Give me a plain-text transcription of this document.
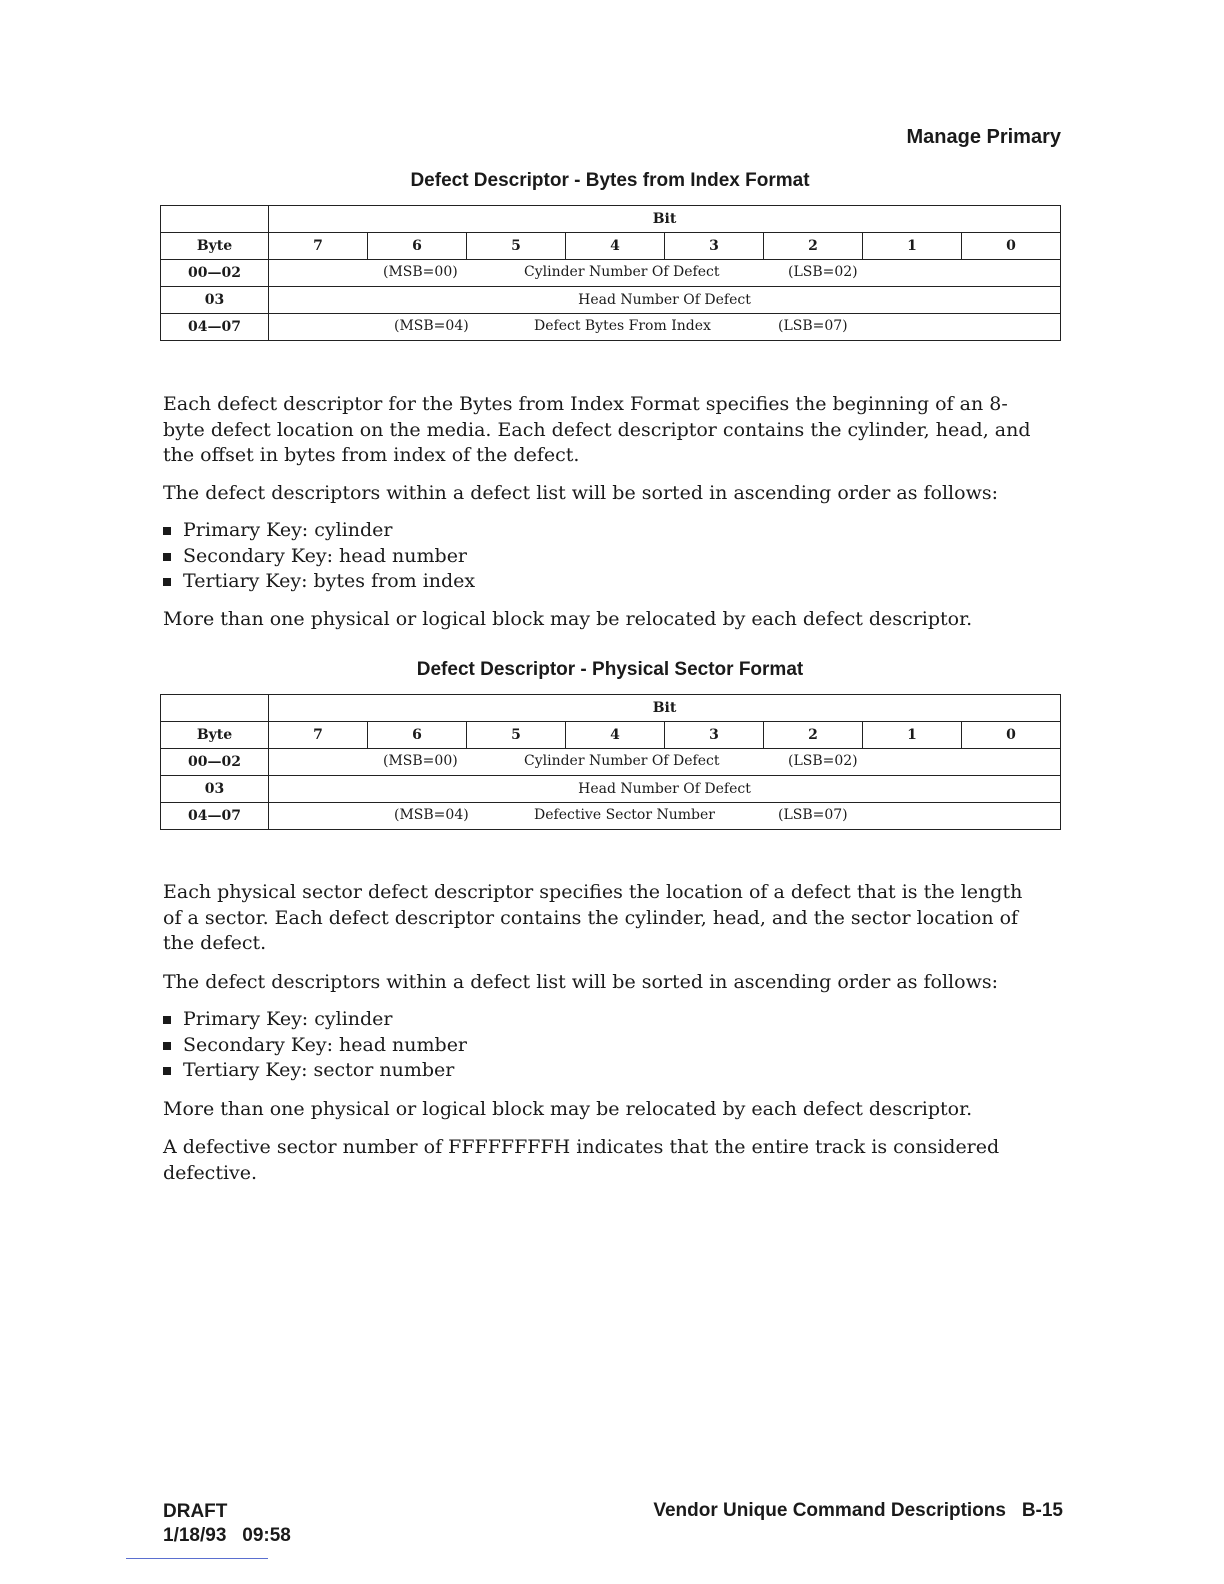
Manage Primary
Defect Descriptor - Bytes from Index Format
	Bit							
Byte	7	6	5	4	3	2	1	0
00—02	(MSB=00) Cylinder Number Of Defect (LSB=02)							

03	Head Number Of Defect							
04—07	(MSB=04) Defect Bytes From Index (LSB=07)							

Each defect descriptor for the Bytes from Index Format specifies the beginning of an 8-byte defect location on the media. Each defect descriptor contains the cylinder, head, and the offset in bytes from index of the defect.

The defect descriptors within a defect list will be sorted in ascending order as follows:

Primary Key: cylinder
Secondary Key: head number
Tertiary Key: bytes from index

More than one physical or logical block may be relocated by each defect descriptor.

Defect Descriptor - Physical Sector Format
	Bit							
Byte	7	6	5	4	3	2	1	0
00—02	(MSB=00) Cylinder Number Of Defect (LSB=02)							

03	Head Number Of Defect							
04—07	(MSB=04) Defective Sector Number (LSB=07)							

Each physical sector defect descriptor specifies the location of a defect that is the length of a sector. Each defect descriptor contains the cylinder, head, and the sector location of the defect.

The defect descriptors within a defect list will be sorted in ascending order as follows:

Primary Key: cylinder
Secondary Key: head number
Tertiary Key: sector number

More than one physical or logical block may be relocated by each defect descriptor.

A defective sector number of FFFFFFFFH indicates that the entire track is considered defective.

DRAFT
1/18/93 09:58
Vendor Unique Command Descriptions B-15
